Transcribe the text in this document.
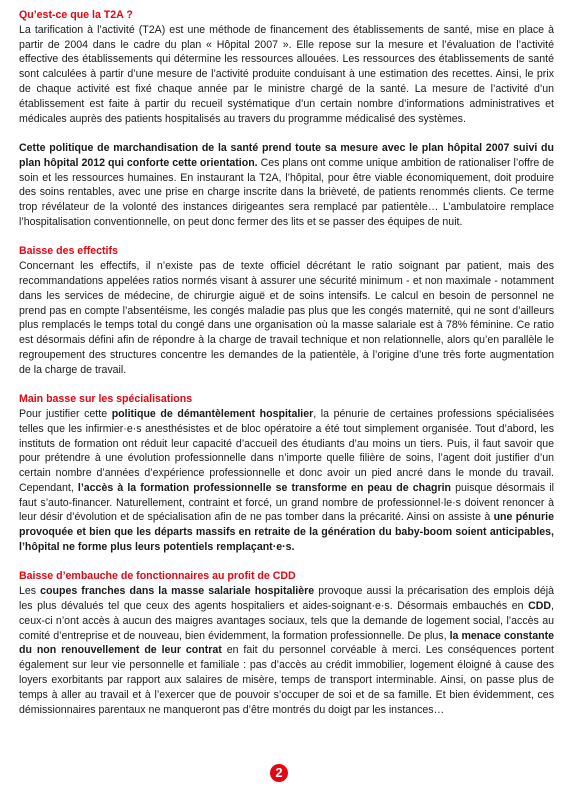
Qu’est-ce que la T2A ?

La tarification à l’activité (T2A) est une méthode de financement des établissements de santé, mise en place à partir de 2004 dans le cadre du plan « Hôpital 2007 ». Elle repose sur la mesure et l’évaluation de l’activité effective des établissements qui détermine les ressources allouées. Les ressources des établissements de santé sont calculées à partir d’une mesure de l’activité produite conduisant à une estimation des recettes. Ainsi, le prix de chaque activité est fixé chaque année par le ministre chargé de la santé. La mesure de l’activité d’un établissement est faite à partir du recueil systématique d’un certain nombre d’informations administratives et médicales auprès des patients hospitalisés au travers du programme médicalisé des systèmes.

Cette politique de marchandisation de la santé prend toute sa mesure avec le plan hôpital 2007 suivi du plan hôpital 2012 qui conforte cette orientation. Ces plans ont comme unique ambition de rationaliser l’offre de soin et les ressources humaines. En instaurant la T2A, l’hôpital, pour être viable économiquement, doit produire des soins rentables, avec une prise en charge inscrite dans la brièveté, de patients renommés clients. Ce terme trop révélateur de la volonté des instances dirigeantes sera remplacé par patientèle… L’ambulatoire remplace l’hospitalisation conventionnelle, on peut donc fermer des lits et se passer des équipes de nuit.

Baisse des effectifs

Concernant les effectifs, il n’existe pas de texte officiel décrétant le ratio soignant par patient, mais des recommandations appelées ratios normés visant à assurer une sécurité minimum - et non maximale - notamment dans les services de médecine, de chirurgie aiguë et de soins intensifs. Le calcul en besoin de personnel ne prend pas en compte l’absentéisme, les congés maladie pas plus que les congés maternité, qui ne sont d’ailleurs plus remplacés le temps total du congé dans une organisation où la masse salariale est à 78% féminine. Ce ratio est désormais défini afin de répondre à la charge de travail technique et non relationnelle, alors qu’en parallèle le regroupement des structures concentre les demandes de la patientèle, à l’origine d’une très forte augmentation de la charge de travail.

Main basse sur les spécialisations

Pour justifier cette politique de démantèlement hospitalier, la pénurie de certaines professions spécialisées telles que les infirmier·e·s anesthésistes et de bloc opératoire a été tout simplement organisée. Tout d’abord, les instituts de formation ont réduit leur capacité d’accueil des étudiants d’au moins un tiers. Puis, il faut savoir que pour prétendre à une évolution professionnelle dans n’importe quelle filière de soins, l’agent doit justifier d’un certain nombre d’années d’expérience professionnelle et donc avoir un pied ancré dans le monde du travail. Cependant, l’accès à la formation professionnelle se transforme en peau de chagrin puisque désormais il faut s’auto-financer. Naturellement, contraint et forcé, un grand nombre de professionnel·le·s doivent renoncer à leur désir d’évolution et de spécialisation afin de ne pas tomber dans la précarité. Ainsi on assiste à une pénurie provoquée et bien que les départs massifs en retraite de la génération du baby-boom soient anticipables, l’hôpital ne forme plus leurs potentiels remplaçant·e·s.

Baisse d’embauche de fonctionnaires au profit de CDD

Les coupes franches dans la masse salariale hospitalière provoque aussi la précarisation des emplois déjà les plus dévalués tel que ceux des agents hospitaliers et aides-soignant·e·s. Désormais embauchés en CDD, ceux-ci n’ont accès à aucun des maigres avantages sociaux, tels que la demande de logement social, l’accès au comité d’entreprise et de nouveau, bien évidemment, la formation professionnelle. De plus, la menace constante du non renouvellement de leur contrat en fait du personnel corvéable à merci. Les conséquences portent également sur leur vie personnelle et familiale : pas d’accès au crédit immobilier, logement éloigné à cause des loyers exorbitants par rapport aux salaires de misère, temps de transport interminable. Ainsi, on passe plus de temps à aller au travail et à l’exercer que de pouvoir s’occuper de soi et de sa famille. Et bien évidemment, ces démissionnaires parentaux ne manqueront pas d’être montrés du doigt par les instances…

2
